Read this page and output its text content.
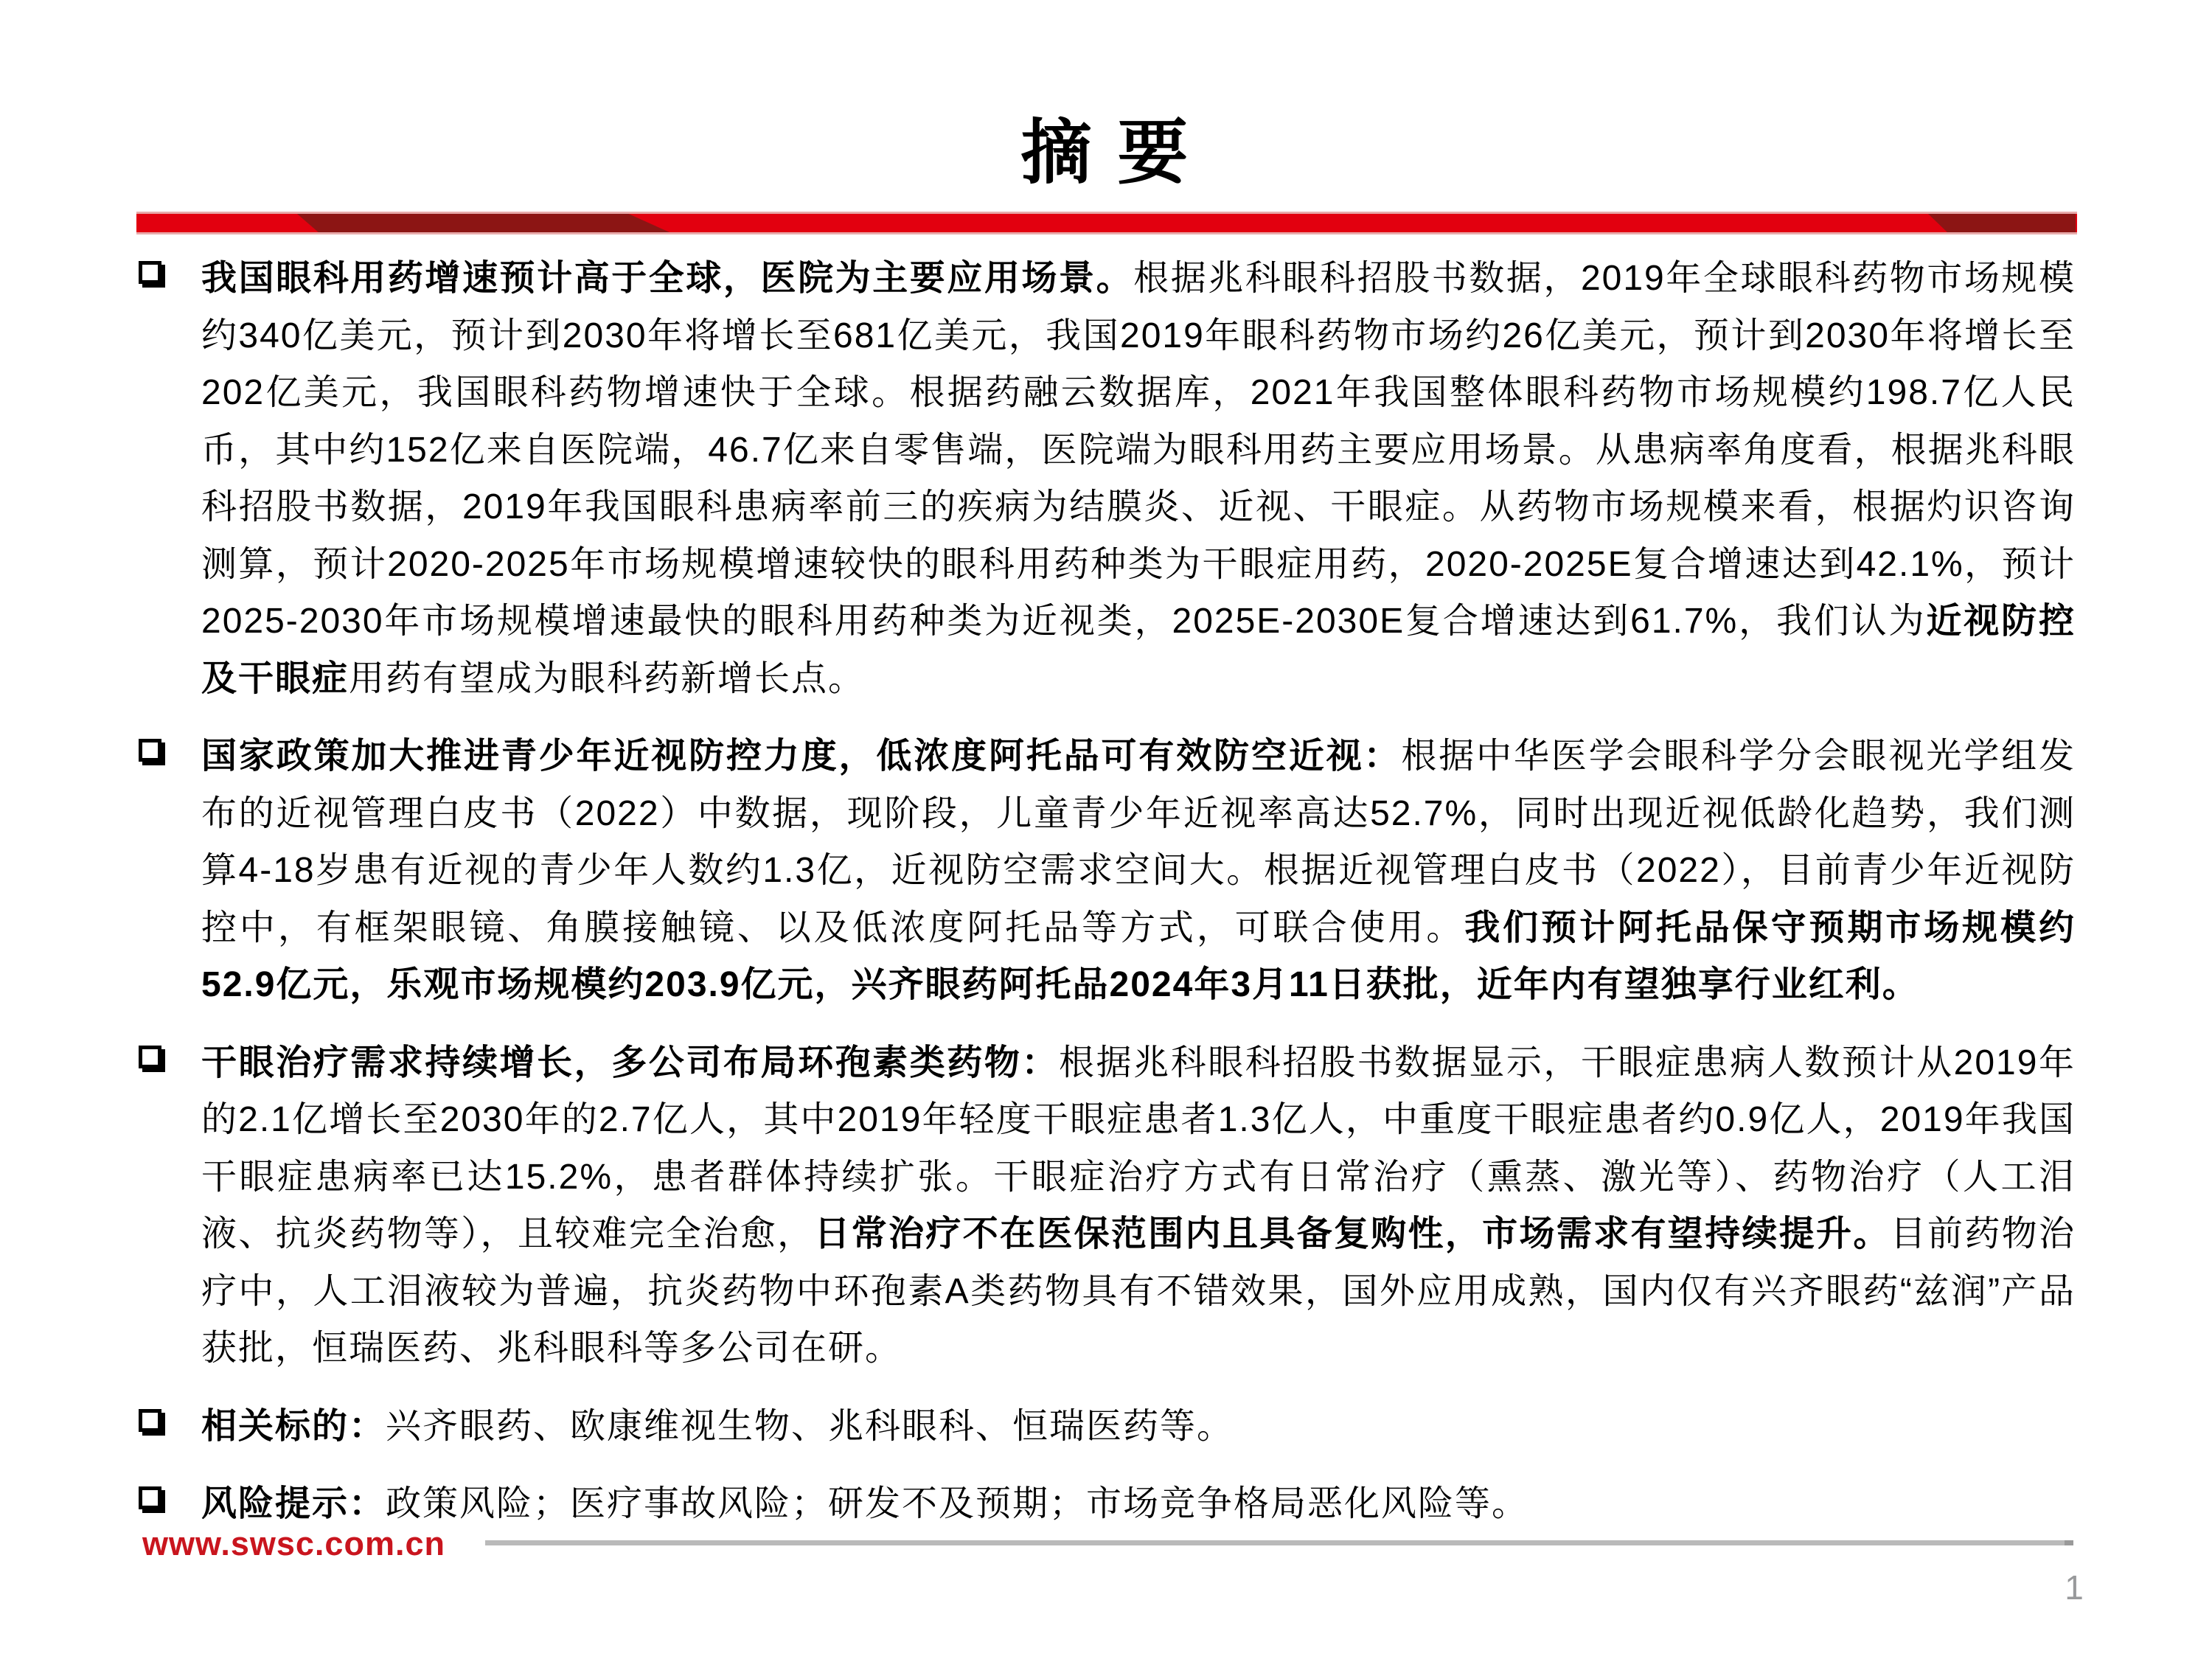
摘 要

我国眼科用药增速预计高于全球，医院为主要应用场景。根据兆科眼科招股书数据，2019年全球眼科药物市场规模约340亿美元，预计到2030年将增长至681亿美元，我国2019年眼科药物市场约26亿美元，预计到2030年将增长至202亿美元，我国眼科药物增速快于全球。根据药融云数据库，2021年我国整体眼科药物市场规模约198.7亿人民币，其中约152亿来自医院端，46.7亿来自零售端，医院端为眼科用药主要应用场景。从患病率角度看，根据兆科眼科招股书数据，2019年我国眼科患病率前三的疾病为结膜炎、近视、干眼症。从药物市场规模来看，根据灼识咨询测算，预计2020-2025年市场规模增速较快的眼科用药种类为干眼症用药，2020-2025E复合增速达到42.1%，预计2025-2030年市场规模增速最快的眼科用药种类为近视类，2025E-2030E复合增速达到61.7%，我们认为近视防控及干眼症用药有望成为眼科药新增长点。

国家政策加大推进青少年近视防控力度，低浓度阿托品可有效防空近视：根据中华医学会眼科学分会眼视光学组发布的近视管理白皮书（2022）中数据，现阶段，儿童青少年近视率高达52.7%，同时出现近视低龄化趋势，我们测算4-18岁患有近视的青少年人数约1.3亿，近视防空需求空间大。根据近视管理白皮书（2022），目前青少年近视防控中，有框架眼镜、角膜接触镜、以及低浓度阿托品等方式，可联合使用。我们预计阿托品保守预期市场规模约52.9亿元，乐观市场规模约203.9亿元，兴齐眼药阿托品2024年3月11日获批，近年内有望独享行业红利。

干眼治疗需求持续增长，多公司布局环孢素类药物：根据兆科眼科招股书数据显示，干眼症患病人数预计从2019年的2.1亿增长至2030年的2.7亿人，其中2019年轻度干眼症患者1.3亿人，中重度干眼症患者约0.9亿人，2019年我国干眼症患病率已达15.2%，患者群体持续扩张。干眼症治疗方式有日常治疗（熏蒸、激光等）、药物治疗（人工泪液、抗炎药物等），且较难完全治愈，日常治疗不在医保范围内且具备复购性，市场需求有望持续提升。目前药物治疗中，人工泪液较为普遍，抗炎药物中环孢素A类药物具有不错效果，国外应用成熟，国内仅有兴齐眼药“兹润”产品获批，恒瑞医药、兆科眼科等多公司在研。

相关标的：兴齐眼药、欧康维视生物、兆科眼科、恒瑞医药等。

风险提示：政策风险；医疗事故风险；研发不及预期；市场竞争格局恶化风险等。

www.swsc.com.cn
1
